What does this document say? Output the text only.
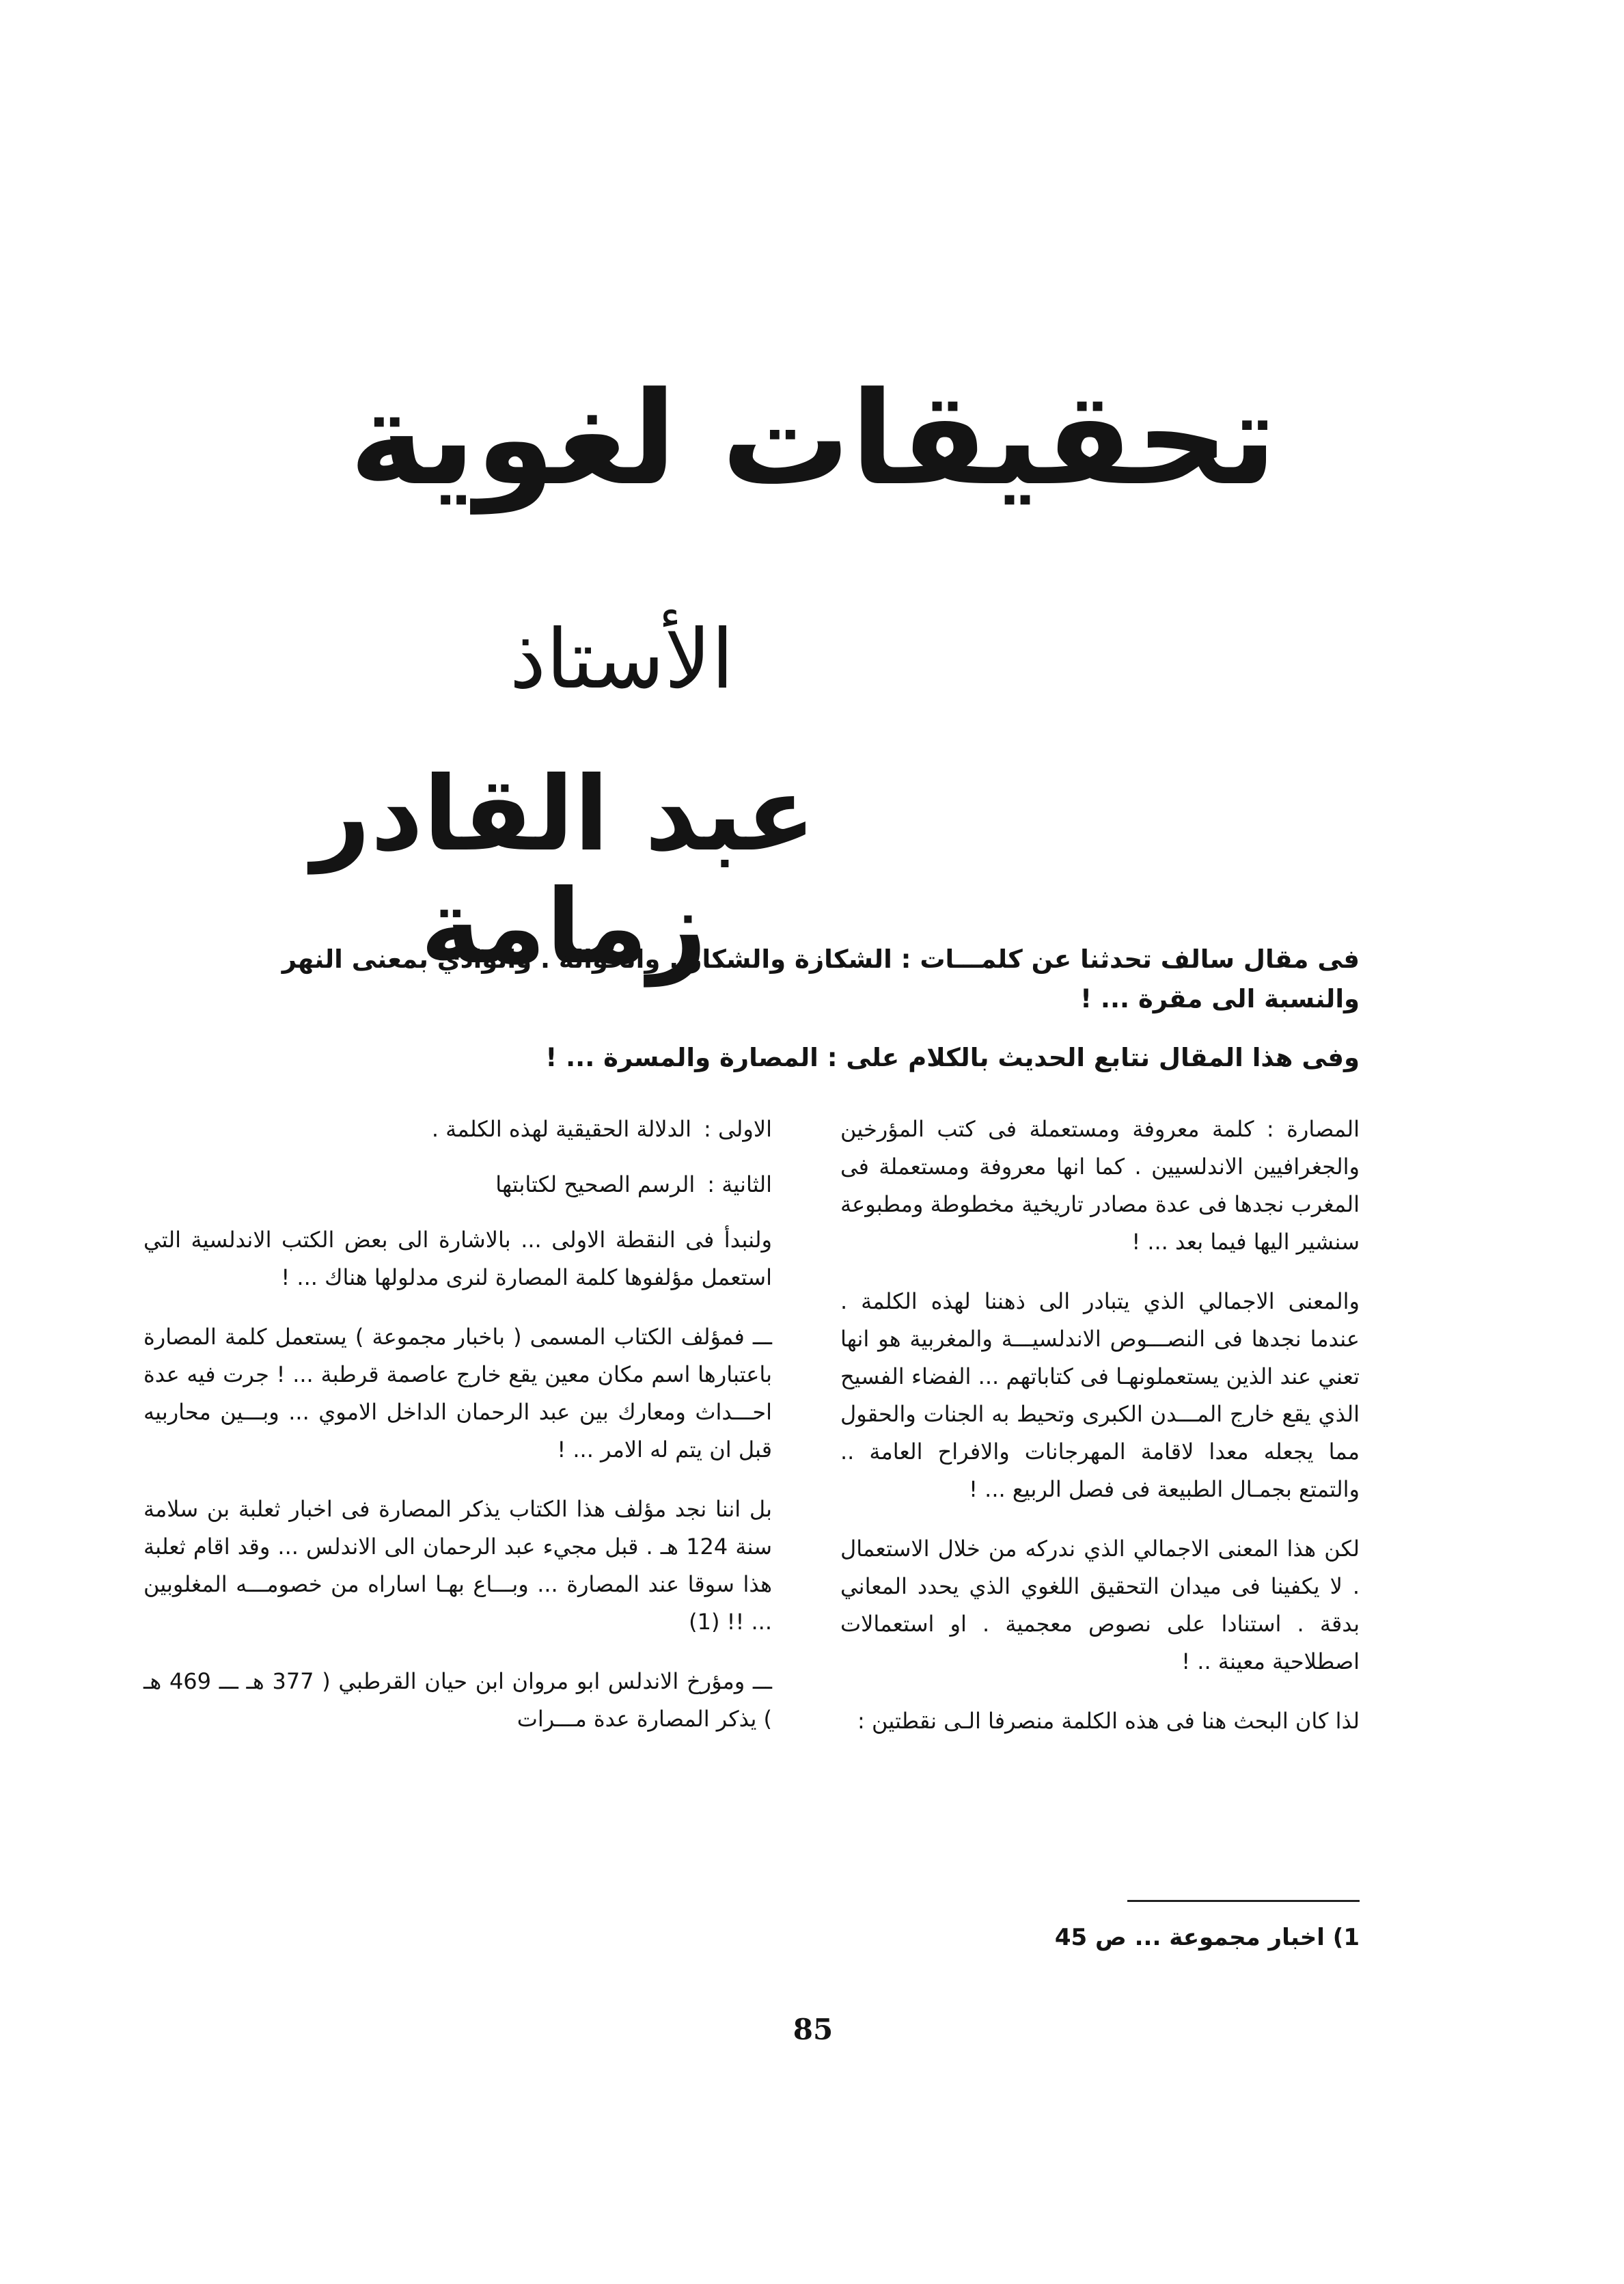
تحقيقات لغوية
الأستاذ
عبد القادر زمامة

فى مقال سالف تحدثنا عن كلمـــات : الشكازة والشكاز . والحوالة . والوادي بمعنى النهر والنسبة الى مقرة ... !

وفى هذا المقال نتابع الحديث بالكلام على : المصارة والمسرة ... !

المصارة : كلمة معروفة ومستعملة فى كتب المؤرخين والجغرافيين الاندلسيين . كما انها معروفة ومستعملة فى المغرب نجدها فى عدة مصادر تاريخية مخطوطة ومطبوعة سنشير اليها فيما بعد ... !

والمعنى الاجمالي الذي يتبادر الى ذهننا لهذه الكلمة . عندما نجدها فى النصـــوص الاندلسيـــة والمغربية هو انها تعني عند الذين يستعملونهـا فى كتاباتهم ... الفضاء الفسيح الذي يقع خارج المـــدن الكبرى وتحيط به الجنات والحقول مما يجعله معدا لاقامة المهرجانات والافراح العامة .. والتمتع بجمـال الطبيعة فى فصل الربيع ... !

لكن هذا المعنى الاجمالي الذي ندركه من خلال الاستعمال . لا يكفينا فى ميدان التحقيق اللغوي الذي يحدد المعاني بدقة . استنادا على نصوص معجمية . او استعمالات اصطلاحية معينة .. !

لذا كان البحث هنا فى هذه الكلمة منصرفا الـى نقطتين :

الاولى :
الدلالة الحقيقية لهذه الكلمة .

الثانية :
الرسم الصحيح لكتابتها

ولنبدأ فى النقطة الاولى ... بالاشارة الى بعض الكتب الاندلسية التي استعمل مؤلفوها كلمة المصارة لنرى مدلولها هناك ... !

ـــ فمؤلف الكتاب المسمى ( باخبار مجموعة ) يستعمل كلمة المصارة باعتبارها اسم مكان معين يقع خارج عاصمة قرطبة ... ! جرت فيه عدة احـــداث ومعارك بين عبد الرحمان الداخل الاموي ... وبـــين محاربيه قبل ان يتم له الامر ... !

بل اننا نجد مؤلف هذا الكتاب يذكر المصارة فى اخبار ثعلبة بن سلامة سنة 124 هـ . قبل مجيء عبد الرحمان الى الاندلس ... وقد اقام ثعلبة هذا سوقا عند المصارة ... وبـــاع بهـا اساراه من خصومـــه المغلوبين ... !! (1)

ـــ ومؤرخ الاندلس ابو مروان ابن حيان القرطبي ( 377 هـ ـــ 469 هـ ) يذكر المصارة عدة مـــرات

1) اخبار مجموعة ... ص 45
85
